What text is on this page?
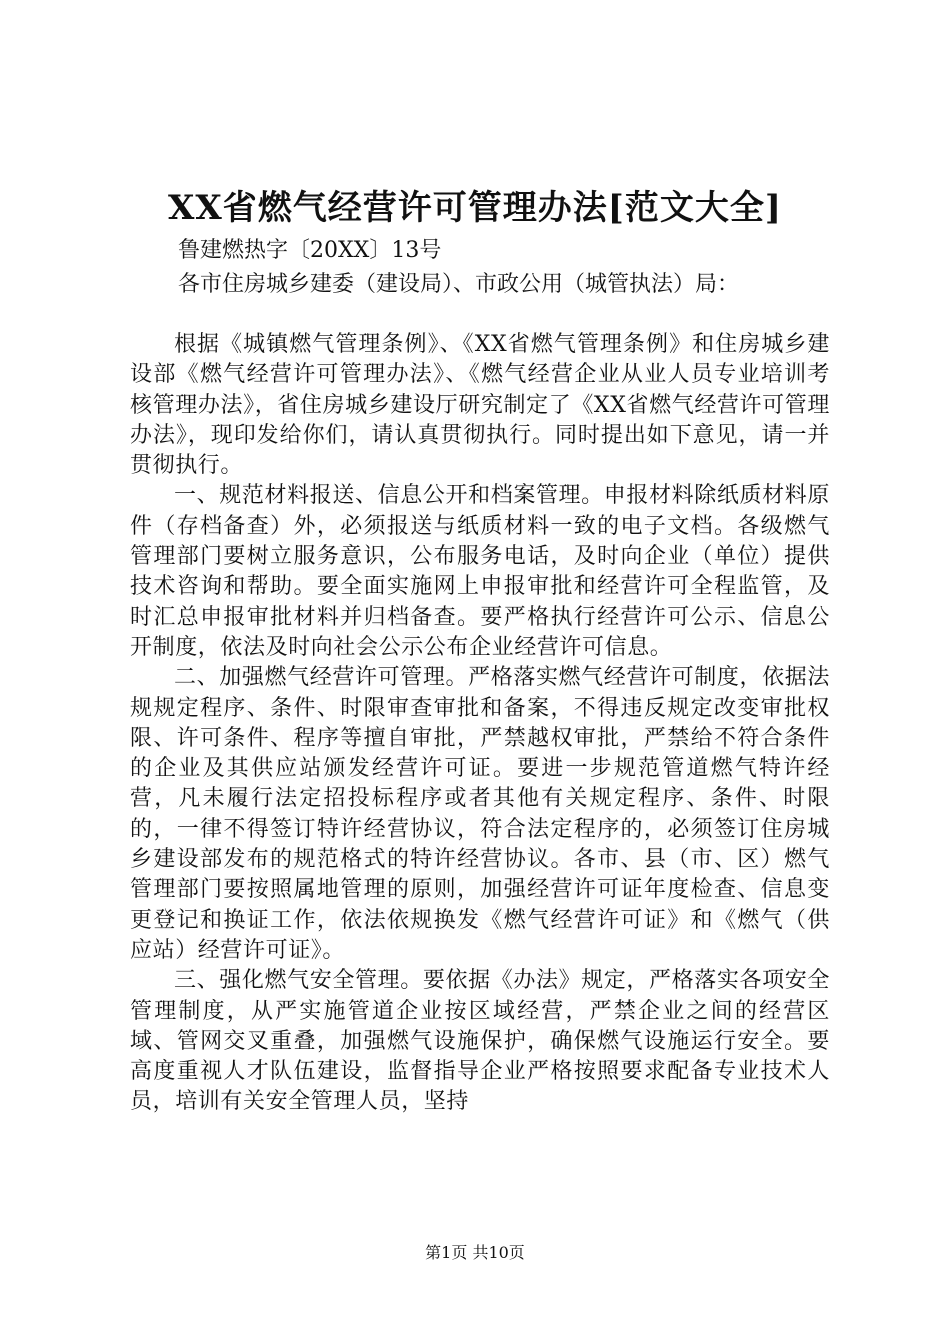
XX省燃气经营许可管理办法[范文大全]
鲁建燃热字〔20XX〕13号
各市住房城乡建委（建设局）、市政公用（城管执法）局：

根据《城镇燃气管理条例》、《XX省燃气管理条例》和住房城乡建设部《燃气经营许可管理办法》、《燃气经营企业从业人员专业培训考核管理办法》，省住房城乡建设厅研究制定了《XX省燃气经营许可管理办法》，现印发给你们，请认真贯彻执行。同时提出如下意见，请一并贯彻执行。

一、规范材料报送、信息公开和档案管理。申报材料除纸质材料原件（存档备查）外，必须报送与纸质材料一致的电子文档。各级燃气管理部门要树立服务意识，公布服务电话，及时向企业（单位）提供技术咨询和帮助。要全面实施网上申报审批和经营许可全程监管，及时汇总申报审批材料并归档备查。要严格执行经营许可公示、信息公开制度，依法及时向社会公示公布企业经营许可信息。

二、加强燃气经营许可管理。严格落实燃气经营许可制度，依据法规规定程序、条件、时限审查审批和备案，不得违反规定改变审批权限、许可条件、程序等擅自审批，严禁越权审批，严禁给不符合条件的企业及其供应站颁发经营许可证。要进一步规范管道燃气特许经营，凡未履行法定招投标程序或者其他有关规定程序、条件、时限的，一律不得签订特许经营协议，符合法定程序的，必须签订住房城乡建设部发布的规范格式的特许经营协议。各市、县（市、区）燃气管理部门要按照属地管理的原则，加强经营许可证年度检查、信息变更登记和换证工作，依法依规换发《燃气经营许可证》和《燃气（供应站）经营许可证》。

三、强化燃气安全管理。要依据《办法》规定，严格落实各项安全管理制度，从严实施管道企业按区域经营，严禁企业之间的经营区域、管网交叉重叠，加强燃气设施保护，确保燃气设施运行安全。要高度重视人才队伍建设，监督指导企业严格按照要求配备专业技术人员，培训有关安全管理人员，坚持

第1页 共10页
